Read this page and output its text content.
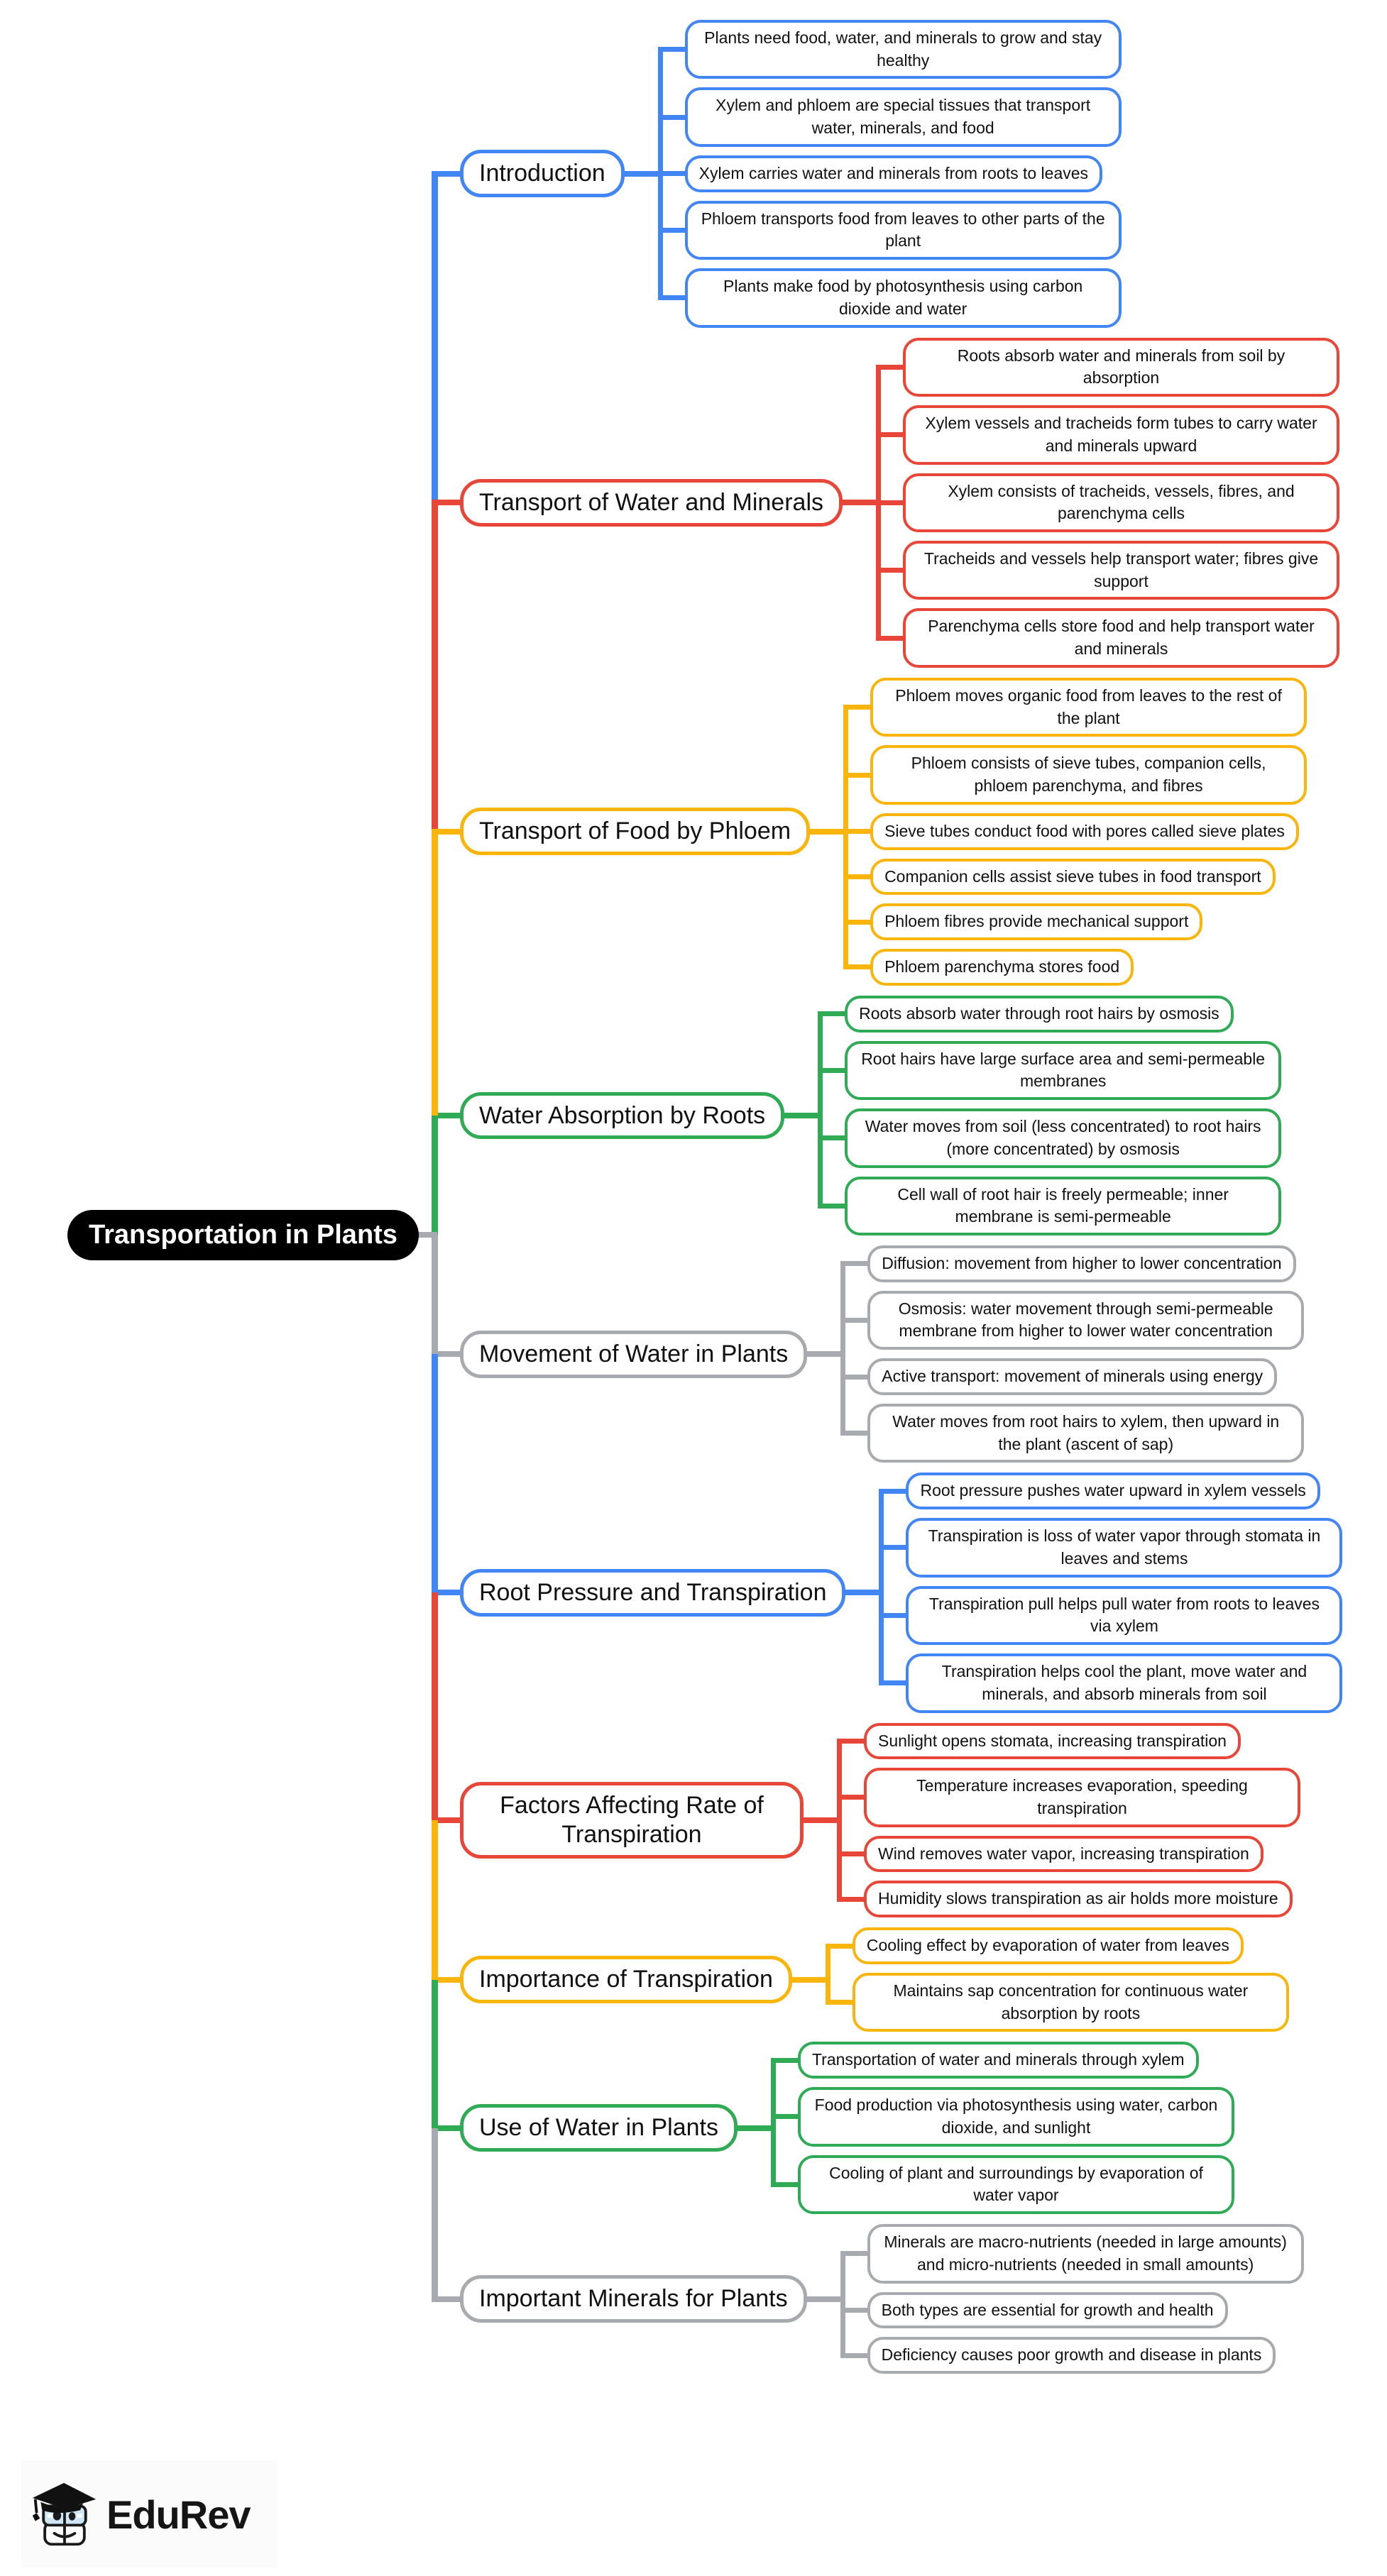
Introduction
Plants need food, water, and minerals to grow and stay healthy
Xylem and phloem are special tissues that transport water, minerals, and food
Xylem carries water and minerals from roots to leaves
Phloem transports food from leaves to other parts of the plant
Plants make food by photosynthesis using carbon dioxide and water
Transport of Water and Minerals
Roots absorb water and minerals from soil by absorption
Xylem vessels and tracheids form tubes to carry water and minerals upward
Xylem consists of tracheids, vessels, fibres, and parenchyma cells
Tracheids and vessels help transport water; fibres give support
Parenchyma cells store food and help transport water and minerals
Transport of Food by Phloem
Phloem moves organic food from leaves to the rest of the plant
Phloem consists of sieve tubes, companion cells, phloem parenchyma, and fibres
Sieve tubes conduct food with pores called sieve plates
Companion cells assist sieve tubes in food transport
Phloem fibres provide mechanical support
Phloem parenchyma stores food
Water Absorption by Roots
Roots absorb water through root hairs by osmosis
Root hairs have large surface area and semi-permeable membranes
Water moves from soil (less concentrated) to root hairs (more concentrated) by osmosis
Cell wall of root hair is freely permeable; inner membrane is semi-permeable
Movement of Water in Plants
Diffusion: movement from higher to lower concentration
Osmosis: water movement through semi-permeable membrane from higher to lower water concentration
Active transport: movement of minerals using energy
Water moves from root hairs to xylem, then upward in the plant (ascent of sap)
Root Pressure and Transpiration
Root pressure pushes water upward in xylem vessels
Transpiration is loss of water vapor through stomata in leaves and stems
Transpiration pull helps pull water from roots to leaves via xylem
Transpiration helps cool the plant, move water and minerals, and absorb minerals from soil
Factors Affecting Rate of Transpiration
Sunlight opens stomata, increasing transpiration
Temperature increases evaporation, speeding transpiration
Wind removes water vapor, increasing transpiration
Humidity slows transpiration as air holds more moisture
Importance of Transpiration
Cooling effect by evaporation of water from leaves
Maintains sap concentration for continuous water absorption by roots
Use of Water in Plants
Transportation of water and minerals through xylem
Food production via photosynthesis using water, carbon dioxide, and sunlight
Cooling of plant and surroundings by evaporation of water vapor
Important Minerals for Plants
Minerals are macro-nutrients (needed in large amounts) and micro-nutrients (needed in small amounts)
Both types are essential for growth and health
Deficiency causes poor growth and disease in plants
Transportation in Plants
EduRev
